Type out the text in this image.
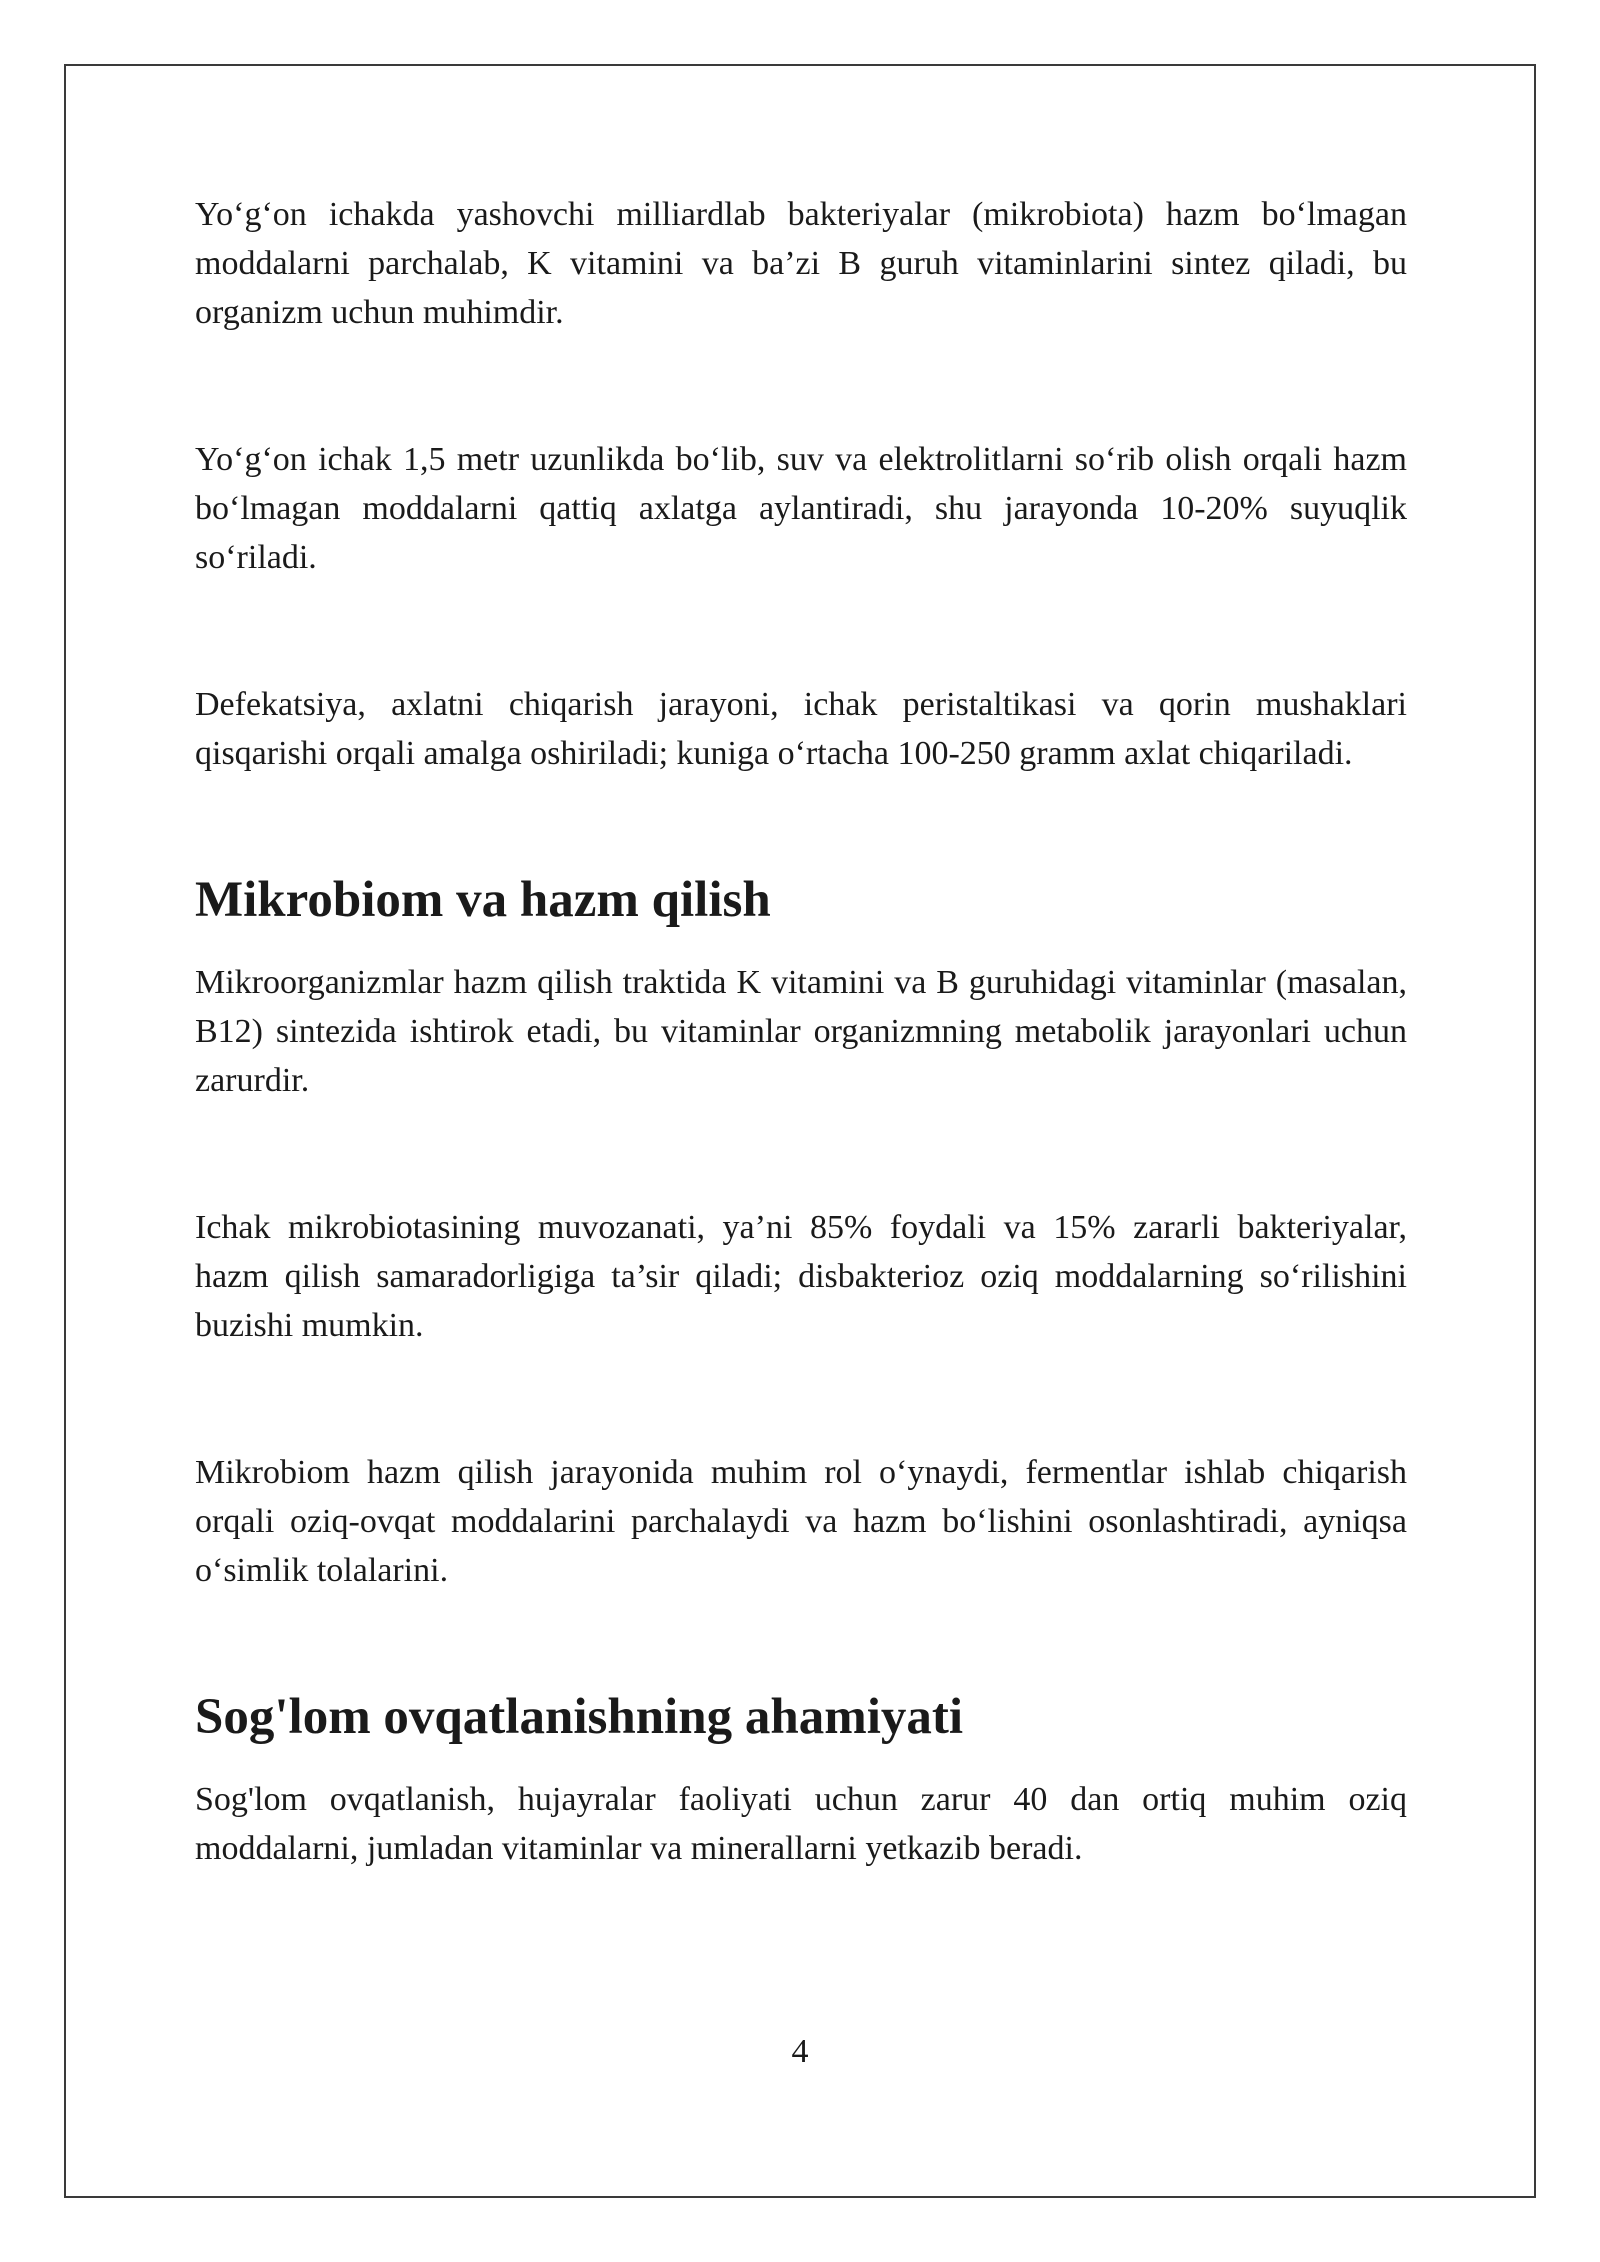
Yo‘g‘on ichakda yashovchi milliardlab bakteriyalar (mikrobiota) hazm bo‘lmagan moddalarni parchalab, K vitamini va ba’zi B guruh vitaminlarini sintez qiladi, bu organizm uchun muhimdir.

Yo‘g‘on ichak 1,5 metr uzunlikda bo‘lib, suv va elektrolitlarni so‘rib olish orqali hazm bo‘lmagan moddalarni qattiq axlatga aylantiradi, shu jarayonda 10-20% suyuqlik so‘riladi.

Defekatsiya, axlatni chiqarish jarayoni, ichak peristaltikasi va qorin mushaklari qisqarishi orqali amalga oshiriladi; kuniga o‘rtacha 100-250 gramm axlat chiqariladi.

Mikrobiom va hazm qilish

Mikroorganizmlar hazm qilish traktida K vitamini va B guruhidagi vitaminlar (masalan, B12) sintezida ishtirok etadi, bu vitaminlar organizmning metabolik jarayonlari uchun zarurdir.

Ichak mikrobiotasining muvozanati, ya’ni 85% foydali va 15% zararli bakteriyalar, hazm qilish samaradorligiga ta’sir qiladi; disbakterioz oziq moddalarning so‘rilishini buzishi mumkin.

Mikrobiom hazm qilish jarayonida muhim rol o‘ynaydi, fermentlar ishlab chiqarish orqali oziq-ovqat moddalarini parchalaydi va hazm bo‘lishini osonlashtiradi, ayniqsa o‘simlik tolalarini.

Sog'lom ovqatlanishning ahamiyati

Sog'lom ovqatlanish, hujayralar faoliyati uchun zarur 40 dan ortiq muhim oziq moddalarni, jumladan vitaminlar va minerallarni yetkazib beradi.

4
